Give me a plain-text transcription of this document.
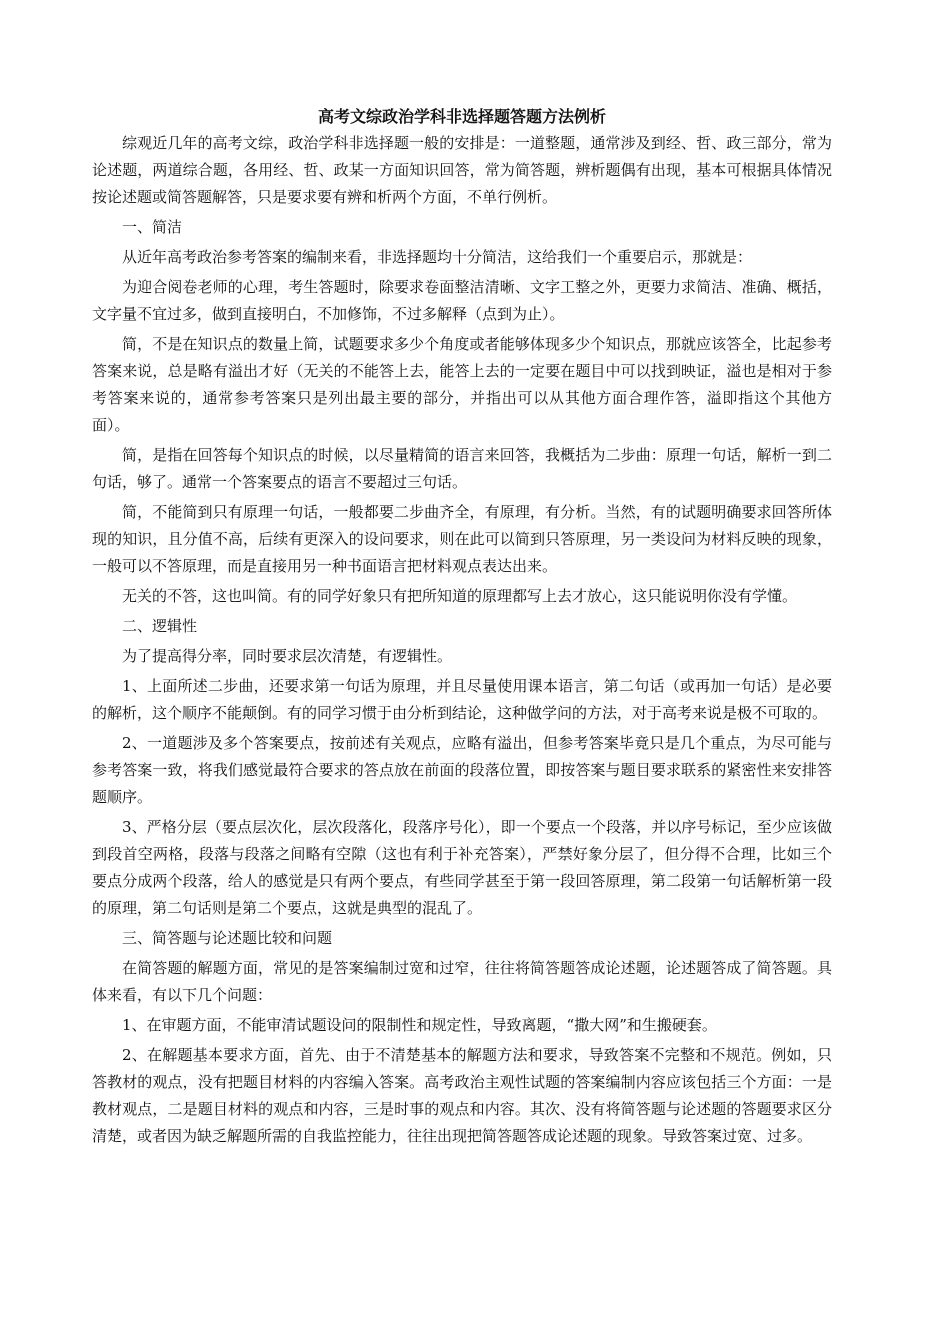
高考文综政治学科非选择题答题方法例析

综观近几年的高考文综，政治学科非选择题一般的安排是：一道整题，通常涉及到经、哲、政三部分，常为论述题，两道综合题，各用经、哲、政某一方面知识回答，常为简答题，辨析题偶有出现，基本可根据具体情况按论述题或简答题解答，只是要求要有辨和析两个方面，不单行例析。

一、简洁

从近年高考政治参考答案的编制来看，非选择题均十分简洁，这给我们一个重要启示，那就是：

为迎合阅卷老师的心理，考生答题时，除要求卷面整洁清晰、文字工整之外，更要力求简洁、准确、概括，文字量不宜过多，做到直接明白，不加修饰，不过多解释（点到为止）。

简，不是在知识点的数量上简，试题要求多少个角度或者能够体现多少个知识点，那就应该答全，比起参考答案来说，总是略有溢出才好（无关的不能答上去，能答上去的一定要在题目中可以找到映证，溢也是相对于参考答案来说的，通常参考答案只是列出最主要的部分，并指出可以从其他方面合理作答，溢即指这个其他方面）。

简，是指在回答每个知识点的时候，以尽量精简的语言来回答，我概括为二步曲：原理一句话，解析一到二句话，够了。通常一个答案要点的语言不要超过三句话。

简，不能简到只有原理一句话，一般都要二步曲齐全，有原理，有分析。当然，有的试题明确要求回答所体现的知识，且分值不高，后续有更深入的设问要求，则在此可以简到只答原理，另一类设问为材料反映的现象，一般可以不答原理，而是直接用另一种书面语言把材料观点表达出来。

无关的不答，这也叫简。有的同学好象只有把所知道的原理都写上去才放心，这只能说明你没有学懂。

二、逻辑性

为了提高得分率，同时要求层次清楚，有逻辑性。

1、上面所述二步曲，还要求第一句话为原理，并且尽量使用课本语言，第二句话（或再加一句话）是必要的解析，这个顺序不能颠倒。有的同学习惯于由分析到结论，这种做学问的方法，对于高考来说是极不可取的。

2、一道题涉及多个答案要点，按前述有关观点，应略有溢出，但参考答案毕竟只是几个重点，为尽可能与参考答案一致，将我们感觉最符合要求的答点放在前面的段落位置，即按答案与题目要求联系的紧密性来安排答题顺序。

3、严格分层（要点层次化，层次段落化，段落序号化），即一个要点一个段落，并以序号标记，至少应该做到段首空两格，段落与段落之间略有空隙（这也有利于补充答案），严禁好象分层了，但分得不合理，比如三个要点分成两个段落，给人的感觉是只有两个要点，有些同学甚至于第一段回答原理，第二段第一句话解析第一段的原理，第二句话则是第二个要点，这就是典型的混乱了。

三、简答题与论述题比较和问题

在简答题的解题方面，常见的是答案编制过宽和过窄，往往将简答题答成论述题，论述题答成了简答题。具体来看，有以下几个问题：

1、在审题方面，不能审清试题设问的限制性和规定性，导致离题，“撒大网”和生搬硬套。

2、在解题基本要求方面，首先、由于不清楚基本的解题方法和要求，导致答案不完整和不规范。例如，只答教材的观点，没有把题目材料的内容编入答案。高考政治主观性试题的答案编制内容应该包括三个方面：一是教材观点，二是题目材料的观点和内容，三是时事的观点和内容。其次、没有将简答题与论述题的答题要求区分清楚，或者因为缺乏解题所需的自我监控能力，往往出现把简答题答成论述题的现象。导致答案过宽、过多。
